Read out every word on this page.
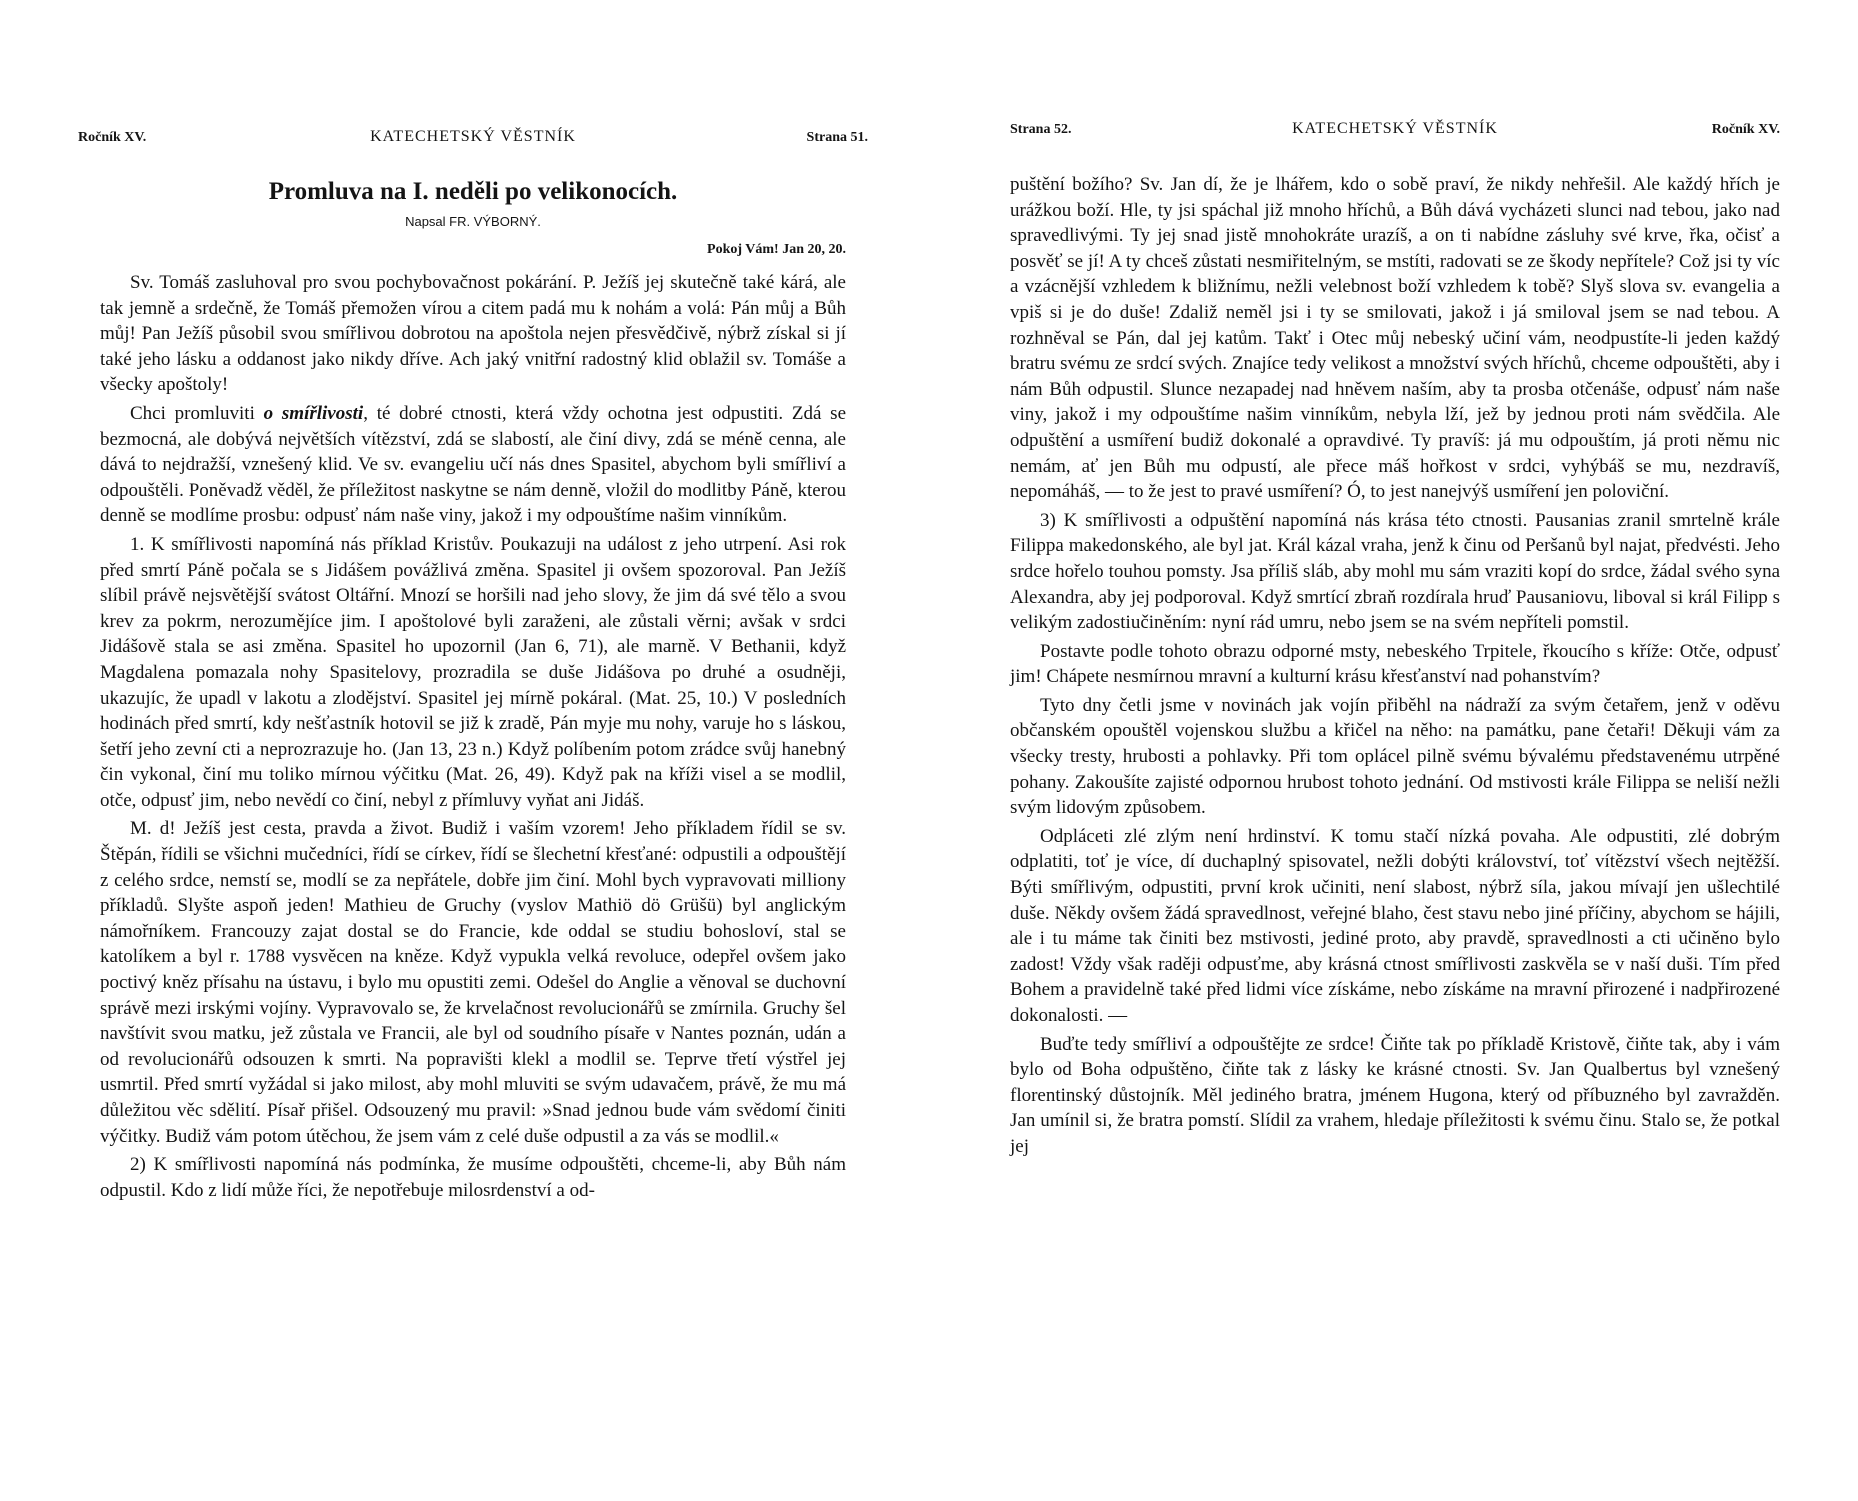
Ročník XV.	KATECHETSKÝ VĚSTNÍK	Strana 51.
Promluva na I. neděli po velikonocích.
Napsal FR. VÝBORNÝ.
Pokoj Vám! Jan 20, 20.

Sv. Tomáš zasluhoval pro svou pochybovačnost pokárání. P. Ježíš jej skutečně také kárá, ale tak jemně a srdečně, že Tomáš přemožen vírou a citem padá mu k nohám a volá: Pán můj a Bůh můj! Pan Ježíš působil svou smířlivou dobrotou na apoštola nejen přesvědčivě, nýbrž získal si jí také jeho lásku a oddanost jako nikdy dříve. Ach jaký vnitřní radostný klid oblažil sv. Tomáše a všecky apoštoly!

Chci promluviti o smířlivosti, té dobré ctnosti, která vždy ochotna jest odpustiti. Zdá se bezmocná, ale dobývá největších vítězství, zdá se slabostí, ale činí divy, zdá se méně cenna, ale dává to nejdražší, vznešený klid. Ve sv. evangeliu učí nás dnes Spasitel, abychom byli smířliví a odpouštěli. Poněvadž věděl, že příležitost naskytne se nám denně, vložil do modlitby Páně, kterou denně se modlíme prosbu: odpusť nám naše viny, jakož i my odpouštíme našim vinníkům.

1. K smířlivosti napomíná nás příklad Kristův. Poukazuji na událost z jeho utrpení. Asi rok před smrtí Páně počala se s Jidášem povážlivá změna. Spasitel ji ovšem spozoroval. Pan Ježíš slíbil právě nejsvětější svátost Oltářní. Mnozí se horšili nad jeho slovy, že jim dá své tělo a svou krev za pokrm, nerozumějíce jim. I apoštolové byli zaraženi, ale zůstali věrni; avšak v srdci Jidášově stala se asi změna. Spasitel ho upozornil (Jan 6, 71), ale marně. V Bethanii, když Magdalena pomazala nohy Spasitelovy, prozradila se duše Jidášova po druhé a osudněji, ukazujíc, že upadl v lakotu a zlodějství. Spasitel jej mírně pokáral. (Mat. 25, 10.) V posledních hodinách před smrtí, kdy nešťastník hotovil se již k zradě, Pán myje mu nohy, varuje ho s láskou, šetří jeho zevní cti a neprozrazuje ho. (Jan 13, 23 n.) Když políbením potom zrádce svůj hanebný čin vykonal, činí mu toliko mírnou výčitku (Mat. 26, 49). Když pak na kříži visel a se modlil, otče, odpusť jim, nebo nevědí co činí, nebyl z přímluvy vyňat ani Jidáš.

M. d! Ježíš jest cesta, pravda a život. Budiž i vaším vzorem! Jeho příkladem řídil se sv. Štěpán, řídili se všichni mučedníci, řídí se církev, řídí se šlechetní křesťané: odpustili a odpouštějí z celého srdce, nemstí se, modlí se za nepřátele, dobře jim činí. Mohl bych vypravovati milliony příkladů. Slyšte aspoň jeden! Mathieu de Gruchy (vyslov Mathiö dö Grüšü) byl anglickým námořníkem. Francouzy zajat dostal se do Francie, kde oddal se studiu bohosloví, stal se katolíkem a byl r. 1788 vysvěcen na kněze. Když vypukla velká revoluce, odepřel ovšem jako poctivý kněz přísahu na ústavu, i bylo mu opustiti zemi. Odešel do Anglie a věnoval se duchovní správě mezi irskými vojíny. Vypravovalo se, že krvelačnost revolucionářů se zmírnila. Gruchy šel navštívit svou matku, jež zůstala ve Francii, ale byl od soudního písaře v Nantes poznán, udán a od revolucionářů odsouzen k smrti. Na popravišti klekl a modlil se. Teprve třetí výstřel jej usmrtil. Před smrtí vyžádal si jako milost, aby mohl mluviti se svým udavačem, právě, že mu má důležitou věc sdělití. Písař přišel. Odsouzený mu pravil: »Snad jednou bude vám svědomí činiti výčitky. Budiž vám potom útěchou, že jsem vám z celé duše odpustil a za vás se modlil.«

2) K smířlivosti napomíná nás podmínka, že musíme odpouštěti, chceme-li, aby Bůh nám odpustil. Kdo z lidí může říci, že nepotřebuje milosrdenství a od-

Strana 52.	KATECHETSKÝ VĚSTNÍK	Ročník XV.

puštění božího? Sv. Jan dí, že je lhářem, kdo o sobě praví, že nikdy nehřešil. Ale každý hřích je urážkou boží. Hle, ty jsi spáchal již mnoho hříchů, a Bůh dává vycházeti slunci nad tebou, jako nad spravedlivými. Ty jej snad jistě mnohokráte urazíš, a on ti nabídne zásluhy své krve, řka, očisť a posvěť se jí! A ty chceš zůstati nesmiřitelným, se mstíti, radovati se ze škody nepřítele? Což jsi ty víc a vzácnější vzhledem k bližnímu, nežli velebnost boží vzhledem k tobě? Slyš slova sv. evangelia a vpiš si je do duše! Zdaliž neměl jsi i ty se smilovati, jakož i já smiloval jsem se nad tebou. A rozhněval se Pán, dal jej katům. Takť i Otec můj nebeský učiní vám, neodpustíte-li jeden každý bratru svému ze srdcí svých. Znajíce tedy velikost a množství svých hříchů, chceme odpouštěti, aby i nám Bůh odpustil. Slunce nezapadej nad hněvem naším, aby ta prosba otčenáše, odpusť nám naše viny, jakož i my odpouštíme našim vinníkům, nebyla lží, jež by jednou proti nám svědčila. Ale odpuštění a usmíření budiž dokonalé a opravdivé. Ty pravíš: já mu odpouštím, já proti němu nic nemám, ať jen Bůh mu odpustí, ale přece máš hořkost v srdci, vyhýbáš se mu, nezdravíš, nepomáháš, — to že jest to pravé usmíření? Ó, to jest nanejvýš usmíření jen poloviční.

3) K smířlivosti a odpuštění napomíná nás krása této ctnosti. Pausanias zranil smrtelně krále Filippa makedonského, ale byl jat. Král kázal vraha, jenž k činu od Peršanů byl najat, předvésti. Jeho srdce hořelo touhou pomsty. Jsa příliš sláb, aby mohl mu sám vraziti kopí do srdce, žádal svého syna Alexandra, aby jej podporoval. Když smrtící zbraň rozdírala hruď Pausaniovu, liboval si král Filipp s velikým zadostiučiněním: nyní rád umru, nebo jsem se na svém nepříteli pomstil.

Postavte podle tohoto obrazu odporné msty, nebeského Trpitele, řkoucího s kříže: Otče, odpusť jim! Chápete nesmírnou mravní a kulturní krásu křesťanství nad pohanstvím?

Tyto dny četli jsme v novinách jak vojín přiběhl na nádraží za svým četařem, jenž v oděvu občanském opouštěl vojenskou službu a křičel na něho: na památku, pane četaři! Děkuji vám za všecky tresty, hrubosti a pohlavky. Při tom oplácel pilně svému bývalému představenému utrpěné pohany. Zakoušíte zajisté odpornou hrubost tohoto jednání. Od mstivosti krále Filippa se neliší nežli svým lidovým způsobem.

Odpláceti zlé zlým není hrdinství. K tomu stačí nízká povaha. Ale odpustiti, zlé dobrým odplatiti, toť je více, dí duchaplný spisovatel, nežli dobýti království, toť vítězství všech nejtěžší. Býti smířlivým, odpustiti, první krok učiniti, není slabost, nýbrž síla, jakou mívají jen ušlechtilé duše. Někdy ovšem žádá spravedlnost, veřejné blaho, čest stavu nebo jiné příčiny, abychom se hájili, ale i tu máme tak činiti bez mstivosti, jediné proto, aby pravdě, spravedlnosti a cti učiněno bylo zadost! Vždy však raději odpusťme, aby krásná ctnost smířlivosti zaskvěla se v naší duši. Tím před Bohem a pravidelně také před lidmi více získáme, nebo získáme na mravní přirozené i nadpřirozené dokonalosti. —

Buďte tedy smířliví a odpouštějte ze srdce! Čiňte tak po příkladě Kristově, čiňte tak, aby i vám bylo od Boha odpuštěno, čiňte tak z lásky ke krásné ctnosti. Sv. Jan Qualbertus byl vznešený florentinský důstojník. Měl jediného bratra, jménem Hugona, který od příbuzného byl zavražděn. Jan umínil si, že bratra pomstí. Slídil za vrahem, hledaje příležitosti k svému činu. Stalo se, že potkal jej
